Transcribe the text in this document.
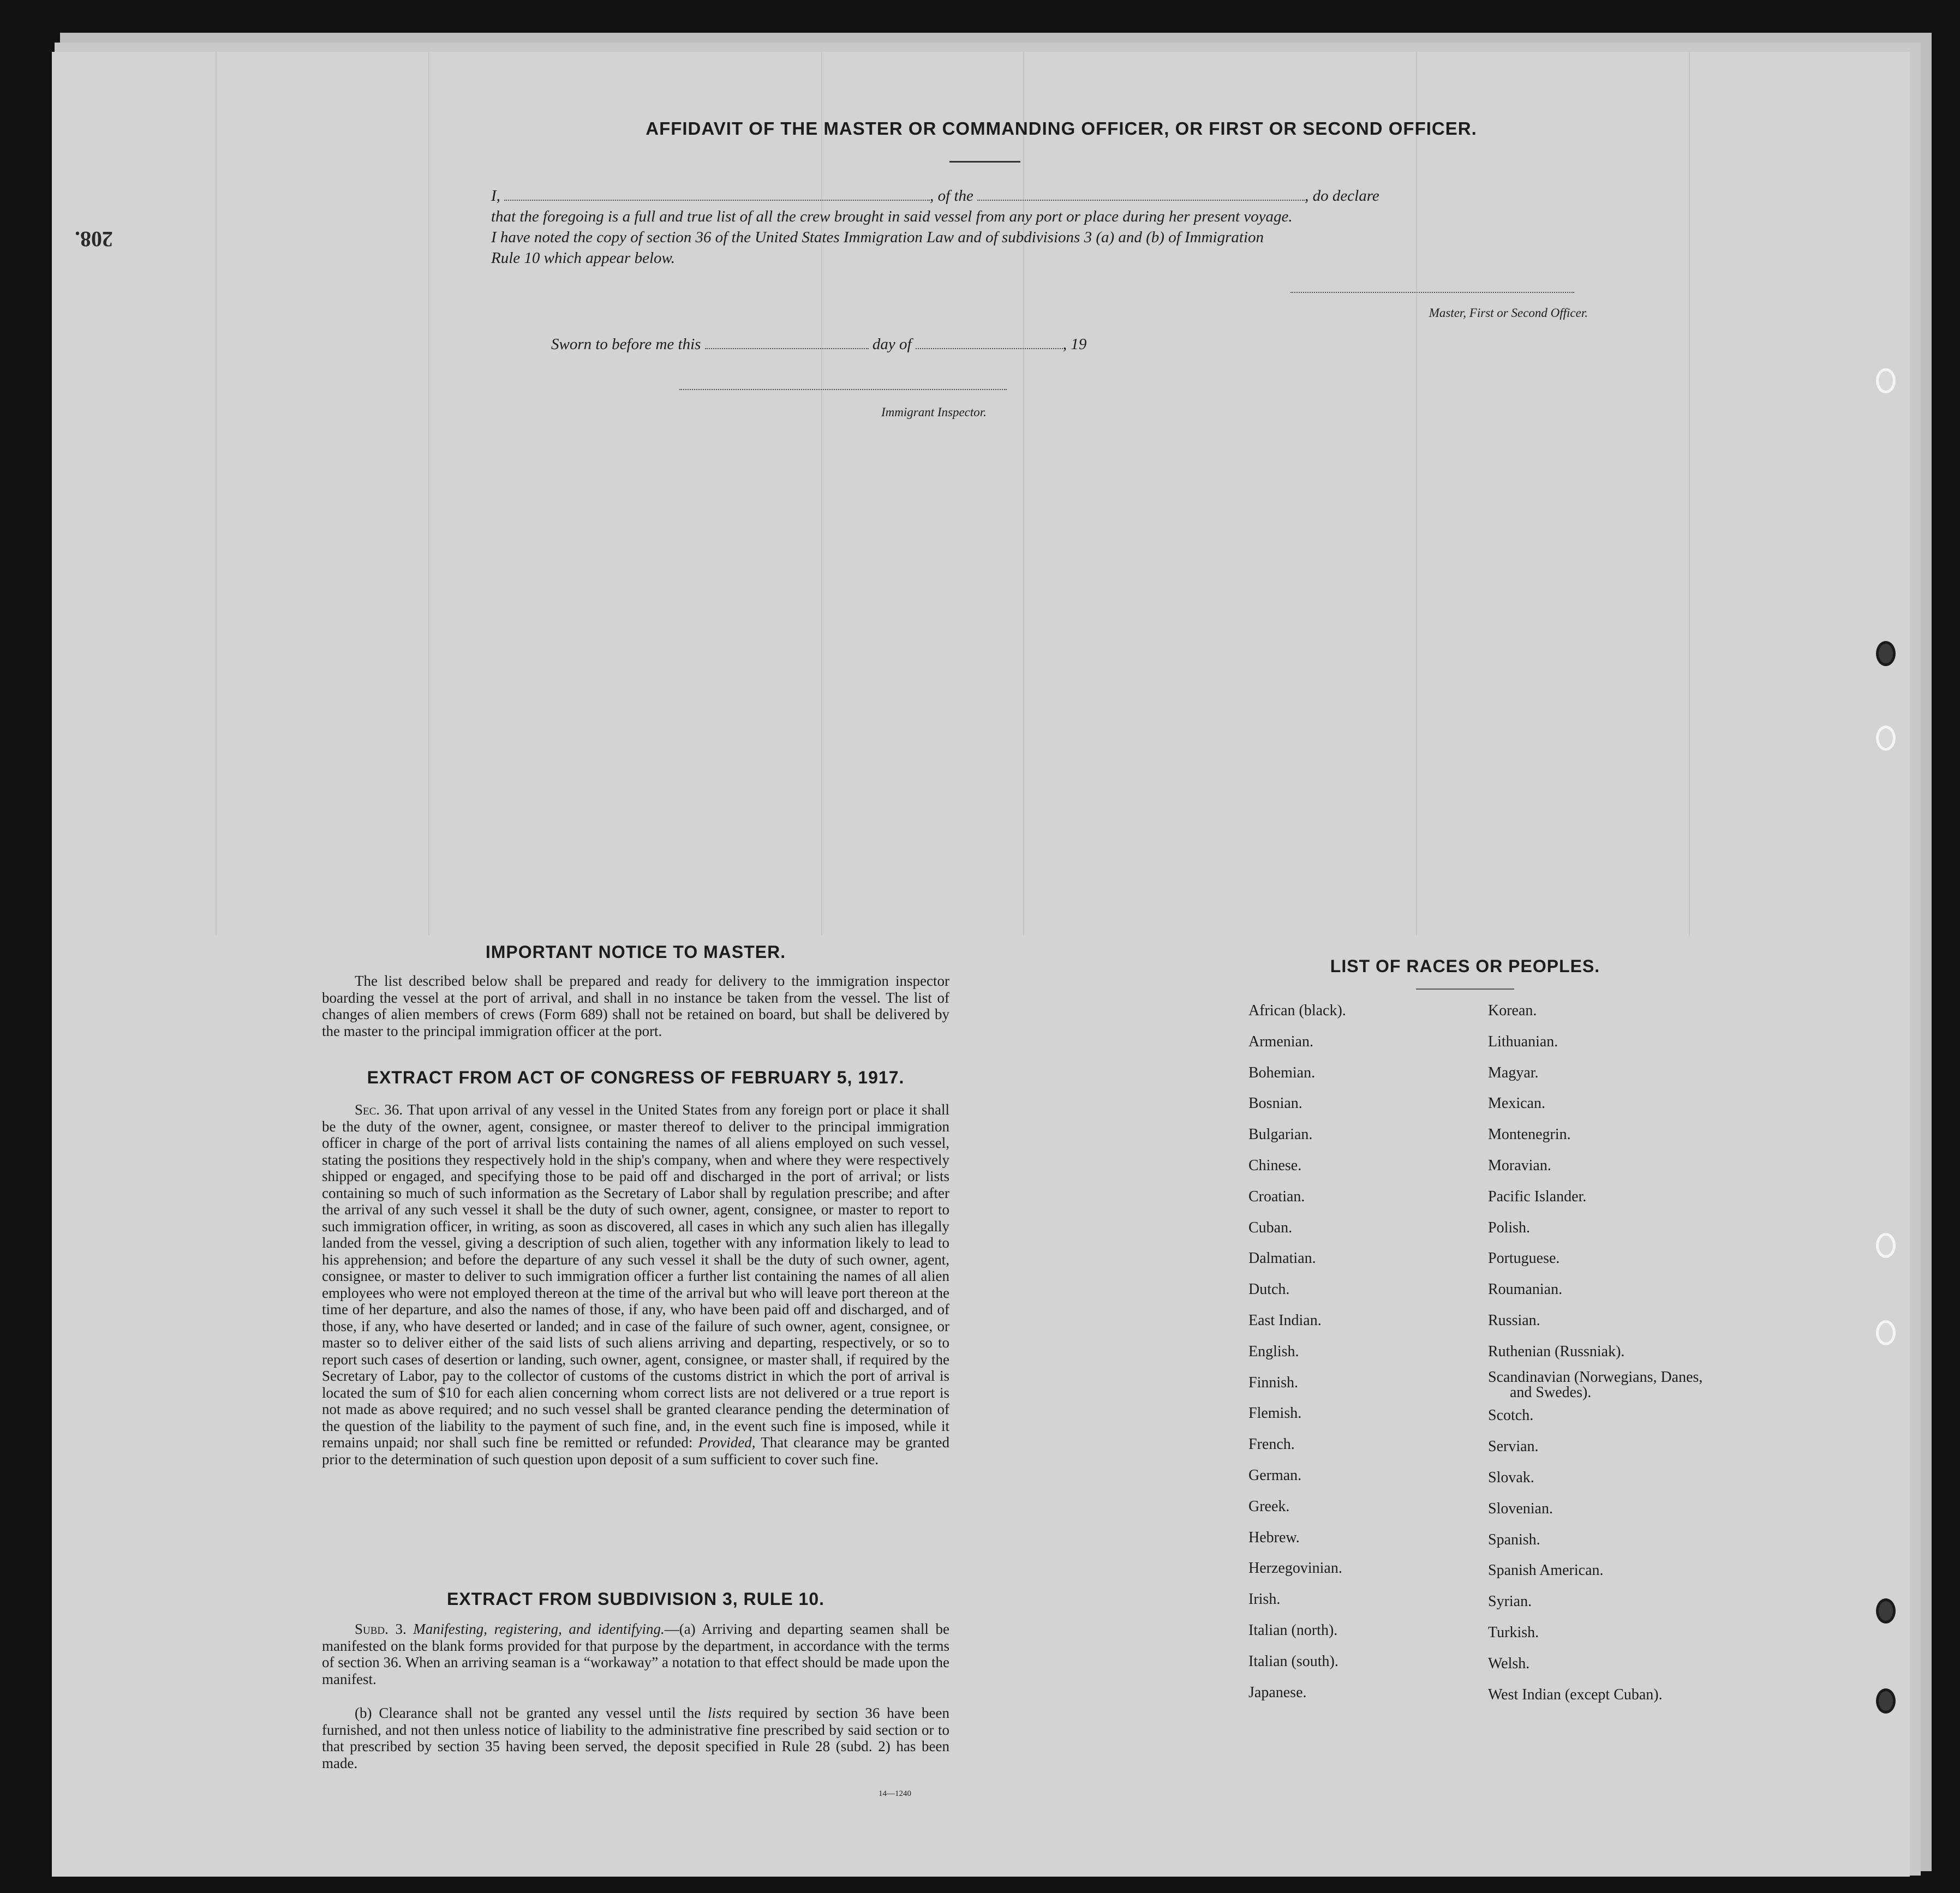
208.
AFFIDAVIT OF THE MASTER OR COMMANDING OFFICER, OR FIRST OR SECOND OFFICER.
I,	, of the	, do declare
that the foregoing is a full and true list of all the crew brought in said vessel from any port or place during her present voyage.
I have noted the copy of section 36 of the United States Immigration Law and of subdivisions 3 (a) and (b) of Immigration
Rule 10 which appear below.
Master, First or Second Officer.
Sworn to before me this	day of	, 19
Immigrant Inspector.
IMPORTANT NOTICE TO MASTER.
The list described below shall be prepared and ready for delivery to the immigration inspector boarding the vessel at the port of arrival, and shall in no instance be taken from the vessel. The list of changes of alien members of crews (Form 689) shall not be retained on board, but shall be delivered by the master to the principal immigration officer at the port.
EXTRACT FROM ACT OF CONGRESS OF FEBRUARY 5, 1917.
Sec. 36. That upon arrival of any vessel in the United States from any foreign port or place it shall be the duty of the owner, agent, consignee, or master thereof to deliver to the principal immigration officer in charge of the port of arrival lists containing the names of all aliens employed on such vessel, stating the positions they respectively hold in the ship's company, when and where they were respectively shipped or engaged, and specifying those to be paid off and discharged in the port of arrival; or lists containing so much of such information as the Secretary of Labor shall by regulation prescribe; and after the arrival of any such vessel it shall be the duty of such owner, agent, consignee, or master to report to such immigration officer, in writing, as soon as discovered, all cases in which any such alien has illegally landed from the vessel, giving a description of such alien, together with any information likely to lead to his apprehension; and before the departure of any such vessel it shall be the duty of such owner, agent, consignee, or master to deliver to such immigration officer a further list containing the names of all alien employees who were not employed thereon at the time of the arrival but who will leave port thereon at the time of her departure, and also the names of those, if any, who have been paid off and discharged, and of those, if any, who have deserted or landed; and in case of the failure of such owner, agent, consignee, or master so to deliver either of the said lists of such aliens arriving and departing, respectively, or so to report such cases of desertion or landing, such owner, agent, consignee, or master shall, if required by the Secretary of Labor, pay to the collector of customs of the customs district in which the port of arrival is located the sum of $10 for each alien concerning whom correct lists are not delivered or a true report is not made as above required; and no such vessel shall be granted clearance pending the determination of the question of the liability to the payment of such fine, and, in the event such fine is imposed, while it remains unpaid; nor shall such fine be remitted or refunded: Provided, That clearance may be granted prior to the determination of such question upon deposit of a sum sufficient to cover such fine.
EXTRACT FROM SUBDIVISION 3, RULE 10.
Subd. 3. Manifesting, registering, and identifying.—(a) Arriving and departing seamen shall be manifested on the blank forms provided for that purpose by the department, in accordance with the terms of section 36. When an arriving seaman is a “workaway” a notation to that effect should be made upon the manifest.
(b) Clearance shall not be granted any vessel until the lists required by section 36 have been furnished, and not then unless notice of liability to the administrative fine prescribed by said section or to that prescribed by section 35 having been served, the deposit specified in Rule 28 (subd. 2) has been made.
14—1240
LIST OF RACES OR PEOPLES.
African (black).
Armenian.
Bohemian.
Bosnian.
Bulgarian.
Chinese.
Croatian.
Cuban.
Dalmatian.
Dutch.
East Indian.
English.
Finnish.
Flemish.
French.
German.
Greek.
Hebrew.
Herzegovinian.
Irish.
Italian (north).
Italian (south).
Japanese.
Korean.
Lithuanian.
Magyar.
Mexican.
Montenegrin.
Moravian.
Pacific Islander.
Polish.
Portuguese.
Roumanian.
Russian.
Ruthenian (Russniak).
Scandinavian (Norwegians, Danes, and Swedes).
Scotch.
Servian.
Slovak.
Slovenian.
Spanish.
Spanish American.
Syrian.
Turkish.
Welsh.
West Indian (except Cuban).
